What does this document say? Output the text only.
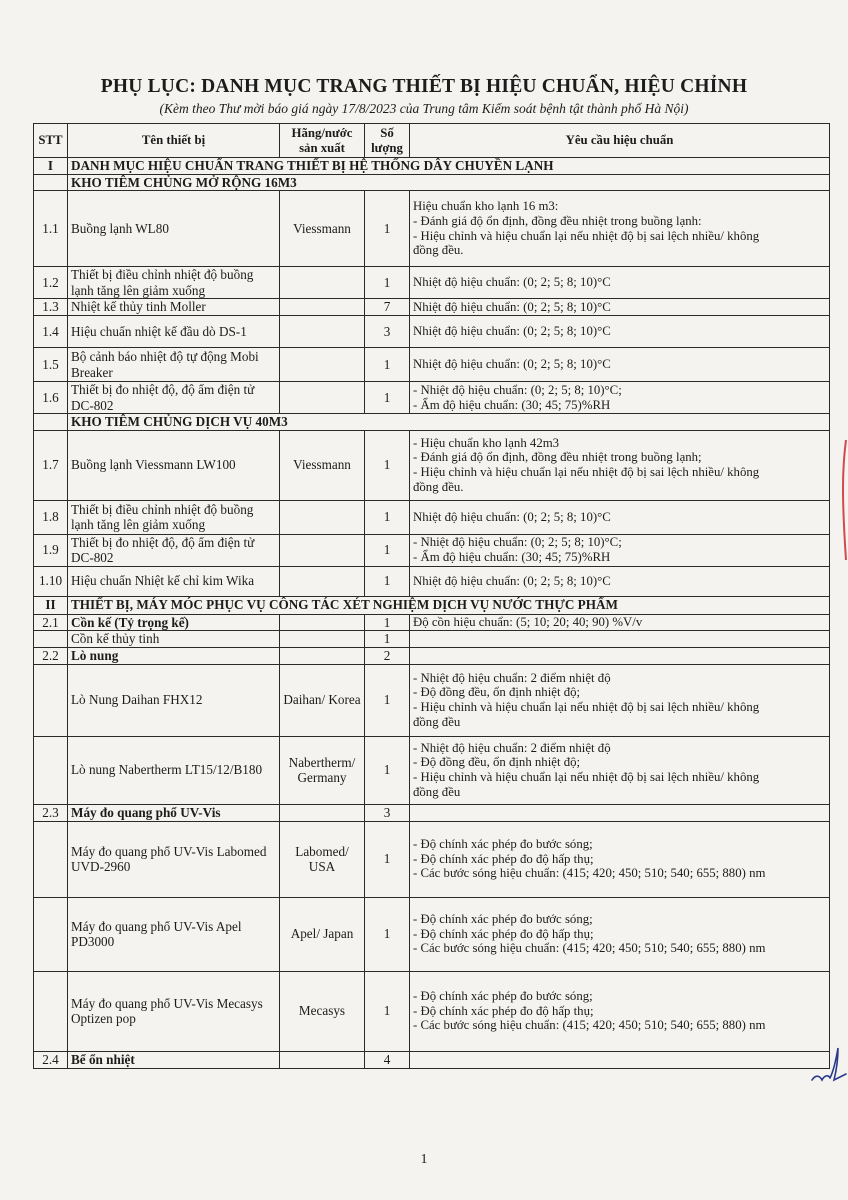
PHỤ LỤC: DANH MỤC TRANG THIẾT BỊ HIỆU CHUẨN, HIỆU CHỈNH
(Kèm theo Thư mời báo giá ngày 17/8/2023 của Trung tâm Kiểm soát bệnh tật thành phố Hà Nội)
STT	Tên thiết bị	Hãng/nước sản xuất	Số lượng	Yêu cầu hiệu chuẩn
I	DANH MỤC HIỆU CHUẨN TRANG THIẾT BỊ HỆ THỐNG DÂY CHUYỀN LẠNH			
	KHO TIÊM CHỦNG MỞ RỘNG 16M3			
1.1	Buồng lạnh WL80	Viessmann	1	Hiệu chuẩn kho lạnh 16 m3:
- Đánh giá độ ổn định, đồng đều nhiệt trong buồng lạnh:
- Hiệu chỉnh và hiệu chuẩn lại nếu nhiệt độ bị sai lệch nhiều/ không
đồng đều.

1.2	Thiết bị điều chỉnh nhiệt độ buồng lạnh tăng lên giảm xuống		1	Nhiệt độ hiệu chuẩn: (0; 2; 5; 8; 10)°C
1.3	Nhiệt kế thủy tinh Moller		7	Nhiệt độ hiệu chuẩn: (0; 2; 5; 8; 10)°C
1.4	Hiệu chuẩn nhiệt kế đầu dò DS-1		3	Nhiệt độ hiệu chuẩn: (0; 2; 5; 8; 10)°C
1.5	Bộ cảnh báo nhiệt độ tự động Mobi Breaker		1	Nhiệt độ hiệu chuẩn: (0; 2; 5; 8; 10)°C
1.6	Thiết bị đo nhiệt độ, độ ẩm điện tử DC-802		1	- Nhiệt độ hiệu chuẩn: (0; 2; 5; 8; 10)°C;
- Ẩm độ hiệu chuẩn: (30; 45; 75)%RH

	KHO TIÊM CHỦNG DỊCH VỤ 40M3			
1.7	Buồng lạnh Viessmann LW100	Viessmann	1	- Hiệu chuẩn kho lạnh 42m3
- Đánh giá độ ổn định, đồng đều nhiệt trong buồng lạnh;
- Hiệu chỉnh và hiệu chuẩn lại nếu nhiệt độ bị sai lệch nhiều/ không
đồng đều.

1.8	Thiết bị điều chỉnh nhiệt độ buồng lạnh tăng lên giảm xuống		1	Nhiệt độ hiệu chuẩn: (0; 2; 5; 8; 10)°C
1.9	Thiết bị đo nhiệt độ, độ ẩm điện tử DC-802		1	- Nhiệt độ hiệu chuẩn: (0; 2; 5; 8; 10)°C;
- Ẩm độ hiệu chuẩn: (30; 45; 75)%RH

1.10	Hiệu chuẩn Nhiệt kế chỉ kim Wika		1	Nhiệt độ hiệu chuẩn: (0; 2; 5; 8; 10)°C
II	THIẾT BỊ, MÁY MÓC PHỤC VỤ CÔNG TÁC XÉT NGHIỆM DỊCH VỤ NƯỚC THỰC PHẨM			
2.1	Cồn kế (Tỷ trọng kế)		1	Độ cồn hiệu chuẩn: (5; 10; 20; 40; 90) %V/v
	Cồn kế thủy tinh		1	
2.2	Lò nung		2	
	Lò Nung Daihan FHX12	Daihan/ Korea	1	- Nhiệt độ hiệu chuẩn: 2 điểm nhiệt độ
- Độ đồng đều, ổn định nhiệt độ;
- Hiệu chỉnh và hiệu chuẩn lại nếu nhiệt độ bị sai lệch nhiều/ không
đồng đều

	Lò nung Nabertherm LT15/12/B180	Nabertherm/ Germany	1	- Nhiệt độ hiệu chuẩn: 2 điểm nhiệt độ
- Độ đồng đều, ổn định nhiệt độ;
- Hiệu chỉnh và hiệu chuẩn lại nếu nhiệt độ bị sai lệch nhiều/ không
đồng đều

2.3	Máy đo quang phổ UV-Vis		3	
	Máy đo quang phổ UV-Vis Labomed UVD-2960	Labomed/ USA	1	- Độ chính xác phép đo bước sóng;
- Độ chính xác phép đo độ hấp thụ;
- Các bước sóng hiệu chuẩn: (415; 420; 450; 510; 540; 655; 880) nm

	Máy đo quang phổ UV-Vis Apel PD3000	Apel/ Japan	1	- Độ chính xác phép đo bước sóng;
- Độ chính xác phép đo độ hấp thụ;
- Các bước sóng hiệu chuẩn: (415; 420; 450; 510; 540; 655; 880) nm

	Máy đo quang phổ UV-Vis Mecasys Optizen pop	Mecasys	1	- Độ chính xác phép đo bước sóng;
- Độ chính xác phép đo độ hấp thụ;
- Các bước sóng hiệu chuẩn: (415; 420; 450; 510; 540; 655; 880) nm

2.4	Bể ổn nhiệt		4	
1
